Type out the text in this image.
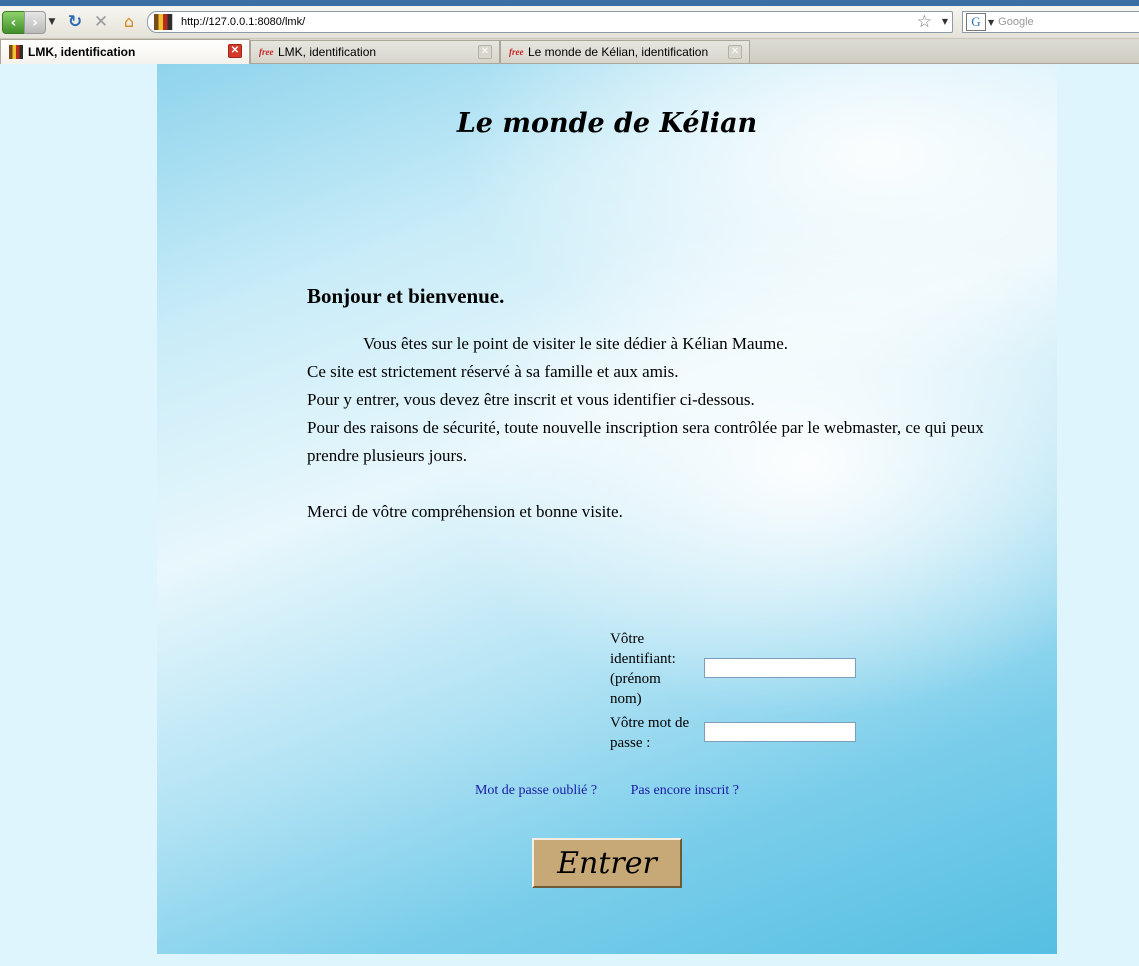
‹ › ▼ ↻ ✕ ⌂	http://127.0.0.1:8080/lmk/	☆ ▼	G ▼ Google
LMK, identification	✕	free LMK, identification	✕	free Le monde de Kélian, identification ✕
Le monde de Kélian
Bonjour et bienvenue.

Vous êtes sur le point de visiter le site dédier à Kélian Maume.

Ce site est strictement réservé à sa famille et aux amis.

Pour y entrer, vous devez être inscrit et vous identifier ci-dessous.

Pour des raisons de sécurité, toute nouvelle inscription sera contrôlée par le webmaster, ce qui peux prendre plusieurs jours.

Merci de vôtre compréhension et bonne visite.

Vôtre identifiant: (prénom nom)
Vôtre mot de passe :
Mot de passe oublié ? Pas encore inscrit ?
Entrer
